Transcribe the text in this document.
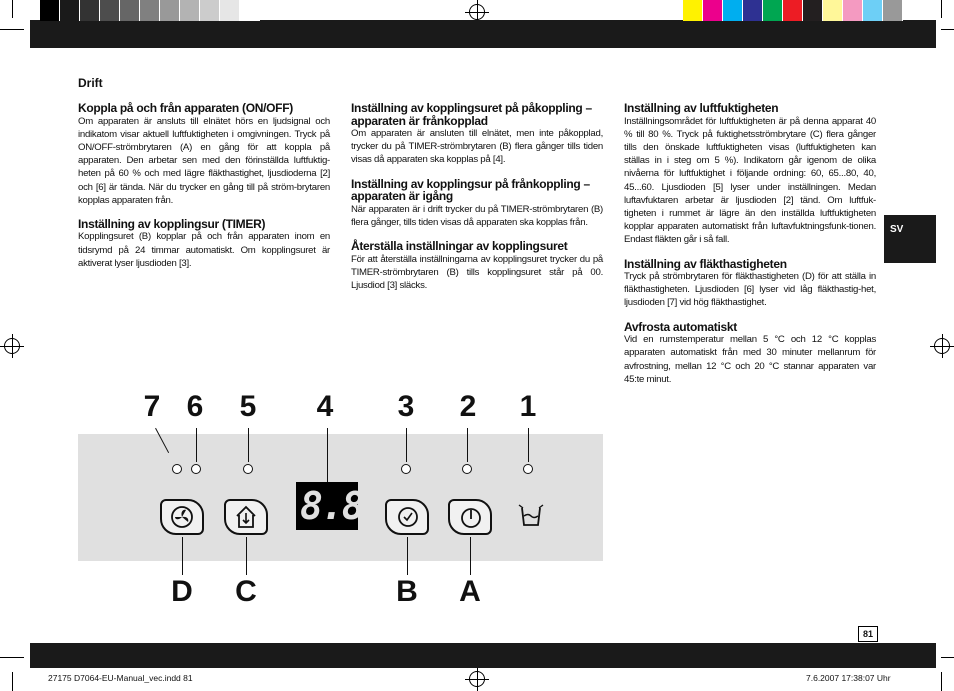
Drift
Koppla på och från apparaten (ON/OFF)

Om apparaten är ansluts till elnätet hörs en ljudsignal och indikatom visar aktuell luftfuktigheten i omgivningen. Tryck på ON/OFF-strömbrytaren (A) en gång för att koppla på apparaten. Den arbetar sen med den förinställda luftfuktig-heten på 60 % och med lägre fläkthastighet, ljusdioderna [2] och [6] är tända. När du trycker en gång till på ström-brytaren kopplas apparaten från.

Inställning av kopplingsur (TIMER)

Kopplingsuret (B) kopplar på och från apparaten inom en tidsrymd på 24 timmar automatiskt. Om kopplingsuret är aktiverat lyser ljusdioden [3].

Inställning av kopplingsuret på påkoppling – apparaten är frånkopplad

Om apparaten är ansluten till elnätet, men inte påkopplad, trycker du på TIMER-strömbrytaren (B) flera gånger tills tiden visas då apparaten ska kopplas på [4].

Inställning av kopplingsur på frånkoppling – apparaten är igång

När apparaten är i drift trycker du på TIMER-strömbrytaren (B) flera gånger, tills tiden visas då apparaten ska kopplas från.

Återställa inställningar av kopplingsuret

För att återställa inställningarna av kopplingsuret trycker du på TIMER-strömbrytaren (B) tills kopplingsuret står på 00. Ljusdiod [3] släcks.

Inställning av luftfuktigheten

Inställningsområdet för luftfuktigheten är på denna apparat 40 % till 80 %. Tryck på fuktighetsströmbrytare (C) flera gånger tills den önskade luftfuktigheten visas (luftfuktigheten kan ställas in i steg om 5 %). Indikatorn går igenom de olika nivåerna för luftfuktighet i följande ordning: 60, 65...80, 40, 45...60. Ljusdioden [5] lyser under inställningen. Medan luftavfuktaren arbetar är ljusdioden [2] tänd. Om luftfuk-tigheten i rummet är lägre än den inställda luftfuktigheten kopplar apparaten automatiskt från luftavfuktningsfunk-tionen. Endast fläkten går i så fall.

Inställning av fläkthastigheten

Tryck på strömbrytaren för fläkthastigheten (D) för att ställa in fläkthastigheten. Ljusdioden [6] lyser vid låg fläkthastig-het, ljusdioden [7] vid hög fläkthastighet.

Avfrosta automatiskt

Vid en rumstemperatur mellan 5 °C och 12 °C kopplas apparaten automatiskt från med 30 minuter mellanrum för avfrostning, mellan 12 °C och 20 °C stannar apparaten var 45:te minut.

SV
7 6	5	4	3	2	1
8.8.
D	C	B	A
81
27175 D7064-EU-Manual_vec.indd 81	7.6.2007 17:38:07 Uhr
